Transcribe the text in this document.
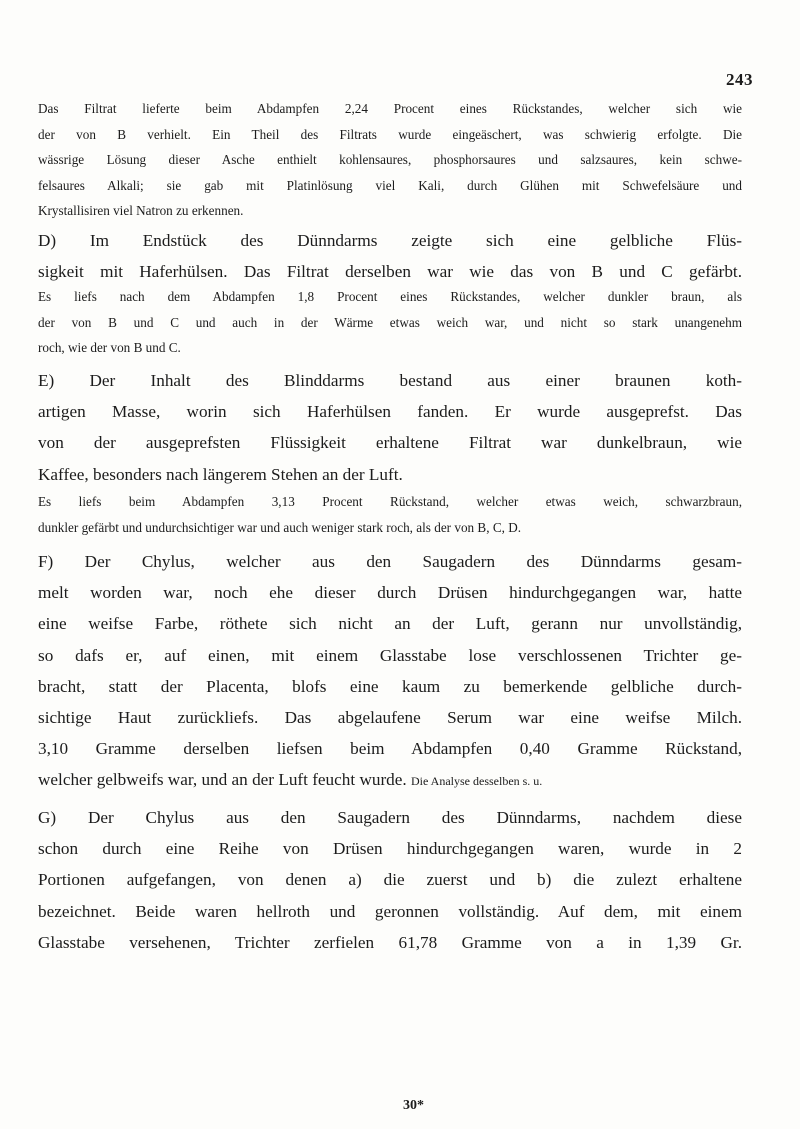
243
Das Filtrat lieferte beim Abdampfen 2,24 Procent eines Rückstandes, welcher sich wie
der von B verhielt. Ein Theil des Filtrats wurde eingeäschert, was schwierig erfolgte. Die
wässrige Lösung dieser Asche enthielt kohlensaures, phosphorsaures und salzsaures, kein schwe-
felsaures Alkali; sie gab mit Platinlösung viel Kali, durch Glühen mit Schwefelsäure und
Krystallisiren viel Natron zu erkennen.
D) Im Endstück des Dünndarms zeigte sich eine gelbliche Flüs-
sigkeit mit Haferhülsen. Das Filtrat derselben war wie das von B und C gefärbt.
Es liefs nach dem Abdampfen 1,8 Procent eines Rückstandes, welcher dunkler braun, als
der von B und C und auch in der Wärme etwas weich war, und nicht so stark unangenehm
roch, wie der von B und C.
E) Der Inhalt des Blinddarms bestand aus einer braunen koth-
artigen Masse, worin sich Haferhülsen fanden. Er wurde ausgeprefst. Das
von der ausgeprefsten Flüssigkeit erhaltene Filtrat war dunkelbraun, wie
Kaffee, besonders nach längerem Stehen an der Luft.
Es liefs beim Abdampfen 3,13 Procent Rückstand, welcher etwas weich, schwarzbraun,
dunkler gefärbt und undurchsichtiger war und auch weniger stark roch, als der von B, C, D.
F) Der Chylus, welcher aus den Saugadern des Dünndarms gesam-
melt worden war, noch ehe dieser durch Drüsen hindurchgegangen war, hatte
eine weifse Farbe, röthete sich nicht an der Luft, gerann nur unvollständig,
so dafs er, auf einen, mit einem Glasstabe lose verschlossenen Trichter ge-
bracht, statt der Placenta, blofs eine kaum zu bemerkende gelbliche durch-
sichtige Haut zurückliefs. Das abgelaufene Serum war eine weifse Milch.
3,10 Gramme derselben liefsen beim Abdampfen 0,40 Gramme Rückstand,
welcher gelbweifs war, und an der Luft feucht wurde. Die Analyse desselben s. u.
G) Der Chylus aus den Saugadern des Dünndarms, nachdem diese
schon durch eine Reihe von Drüsen hindurchgegangen waren, wurde in 2
Portionen aufgefangen, von denen a) die zuerst und b) die zulezt erhaltene
bezeichnet. Beide waren hellroth und geronnen vollständig. Auf dem, mit einem
Glasstabe versehenen, Trichter zerfielen 61,78 Gramme von a in 1,39 Gr.
30*
